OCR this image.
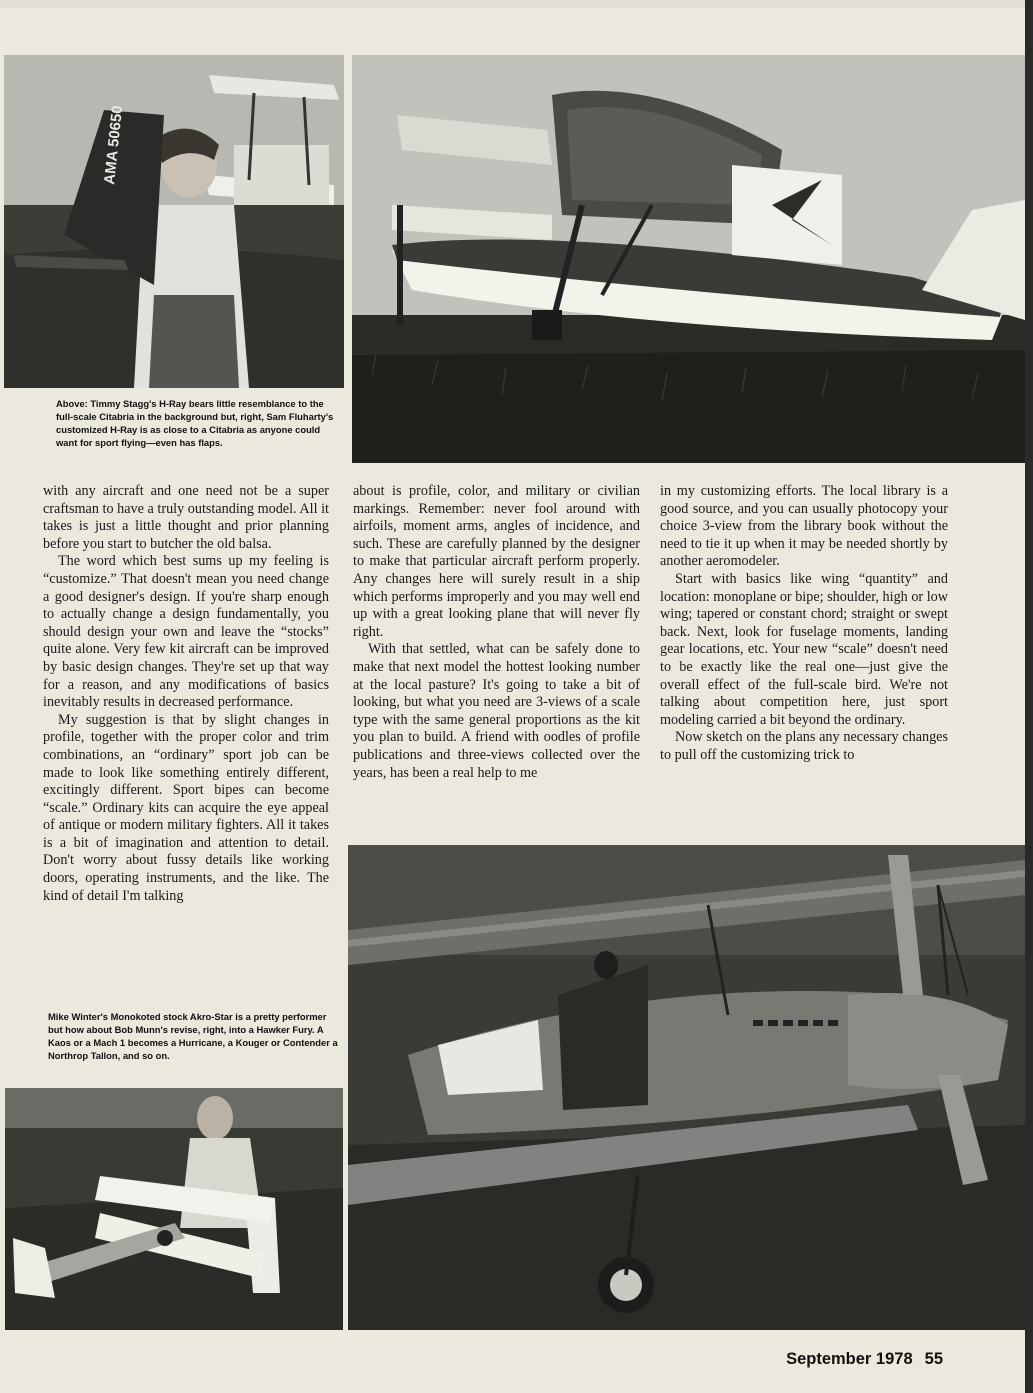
AMA 50650
Above: Timmy Stagg's H-Ray bears little resemblance to the full-scale Citabria in the background but, right, Sam Fluharty's customized H-Ray is as close to a Citabria as anyone could want for sport flying—even has flaps.

with any aircraft and one need not be a super craftsman to have a truly outstanding model. All it takes is just a little thought and prior planning before you start to butcher the old balsa.

The word which best sums up my feeling is “customize.” That doesn't mean you need change a good designer's design. If you're sharp enough to actually change a design fundamentally, you should design your own and leave the “stocks” quite alone. Very few kit aircraft can be improved by basic design changes. They're set up that way for a reason, and any modifications of basics inevitably results in decreased performance.

My suggestion is that by slight changes in profile, together with the proper color and trim combinations, an “ordinary” sport job can be made to look like something entirely different, excitingly different. Sport bipes can become “scale.” Ordinary kits can acquire the eye appeal of antique or modern military fighters. All it takes is a bit of imagination and attention to detail. Don't worry about fussy details like working doors, operating instruments, and the like. The kind of detail I'm talking

about is profile, color, and military or civilian markings. Remember: never fool around with airfoils, moment arms, angles of incidence, and such. These are carefully planned by the designer to make that particular aircraft perform properly. Any changes here will surely result in a ship which performs improperly and you may well end up with a great looking plane that will never fly right.

With that settled, what can be safely done to make that next model the hottest looking number at the local pasture? It's going to take a bit of looking, but what you need are 3-views of a scale type with the same general proportions as the kit you plan to build. A friend with oodles of profile publications and three-views collected over the years, has been a real help to me

in my customizing efforts. The local library is a good source, and you can usually photocopy your choice 3-view from the library book without the need to tie it up when it may be needed shortly by another aeromodeler.

Start with basics like wing “quantity” and location: monoplane or bipe; shoulder, high or low wing; tapered or constant chord; straight or swept back. Next, look for fuselage moments, landing gear locations, etc. Your new “scale” doesn't need to be exactly like the real one—just give the overall effect of the full-scale bird. We're not talking about competition here, just sport modeling carried a bit beyond the ordinary.

Now sketch on the plans any necessary changes to pull off the customizing trick to

Mike Winter's Monokoted stock Akro-Star is a pretty performer but how about Bob Munn's revise, right, into a Hawker Fury. A Kaos or a Mach 1 becomes a Hurricane, a Kouger or Contender a Northrop Tallon, and so on.
September 1978 55
